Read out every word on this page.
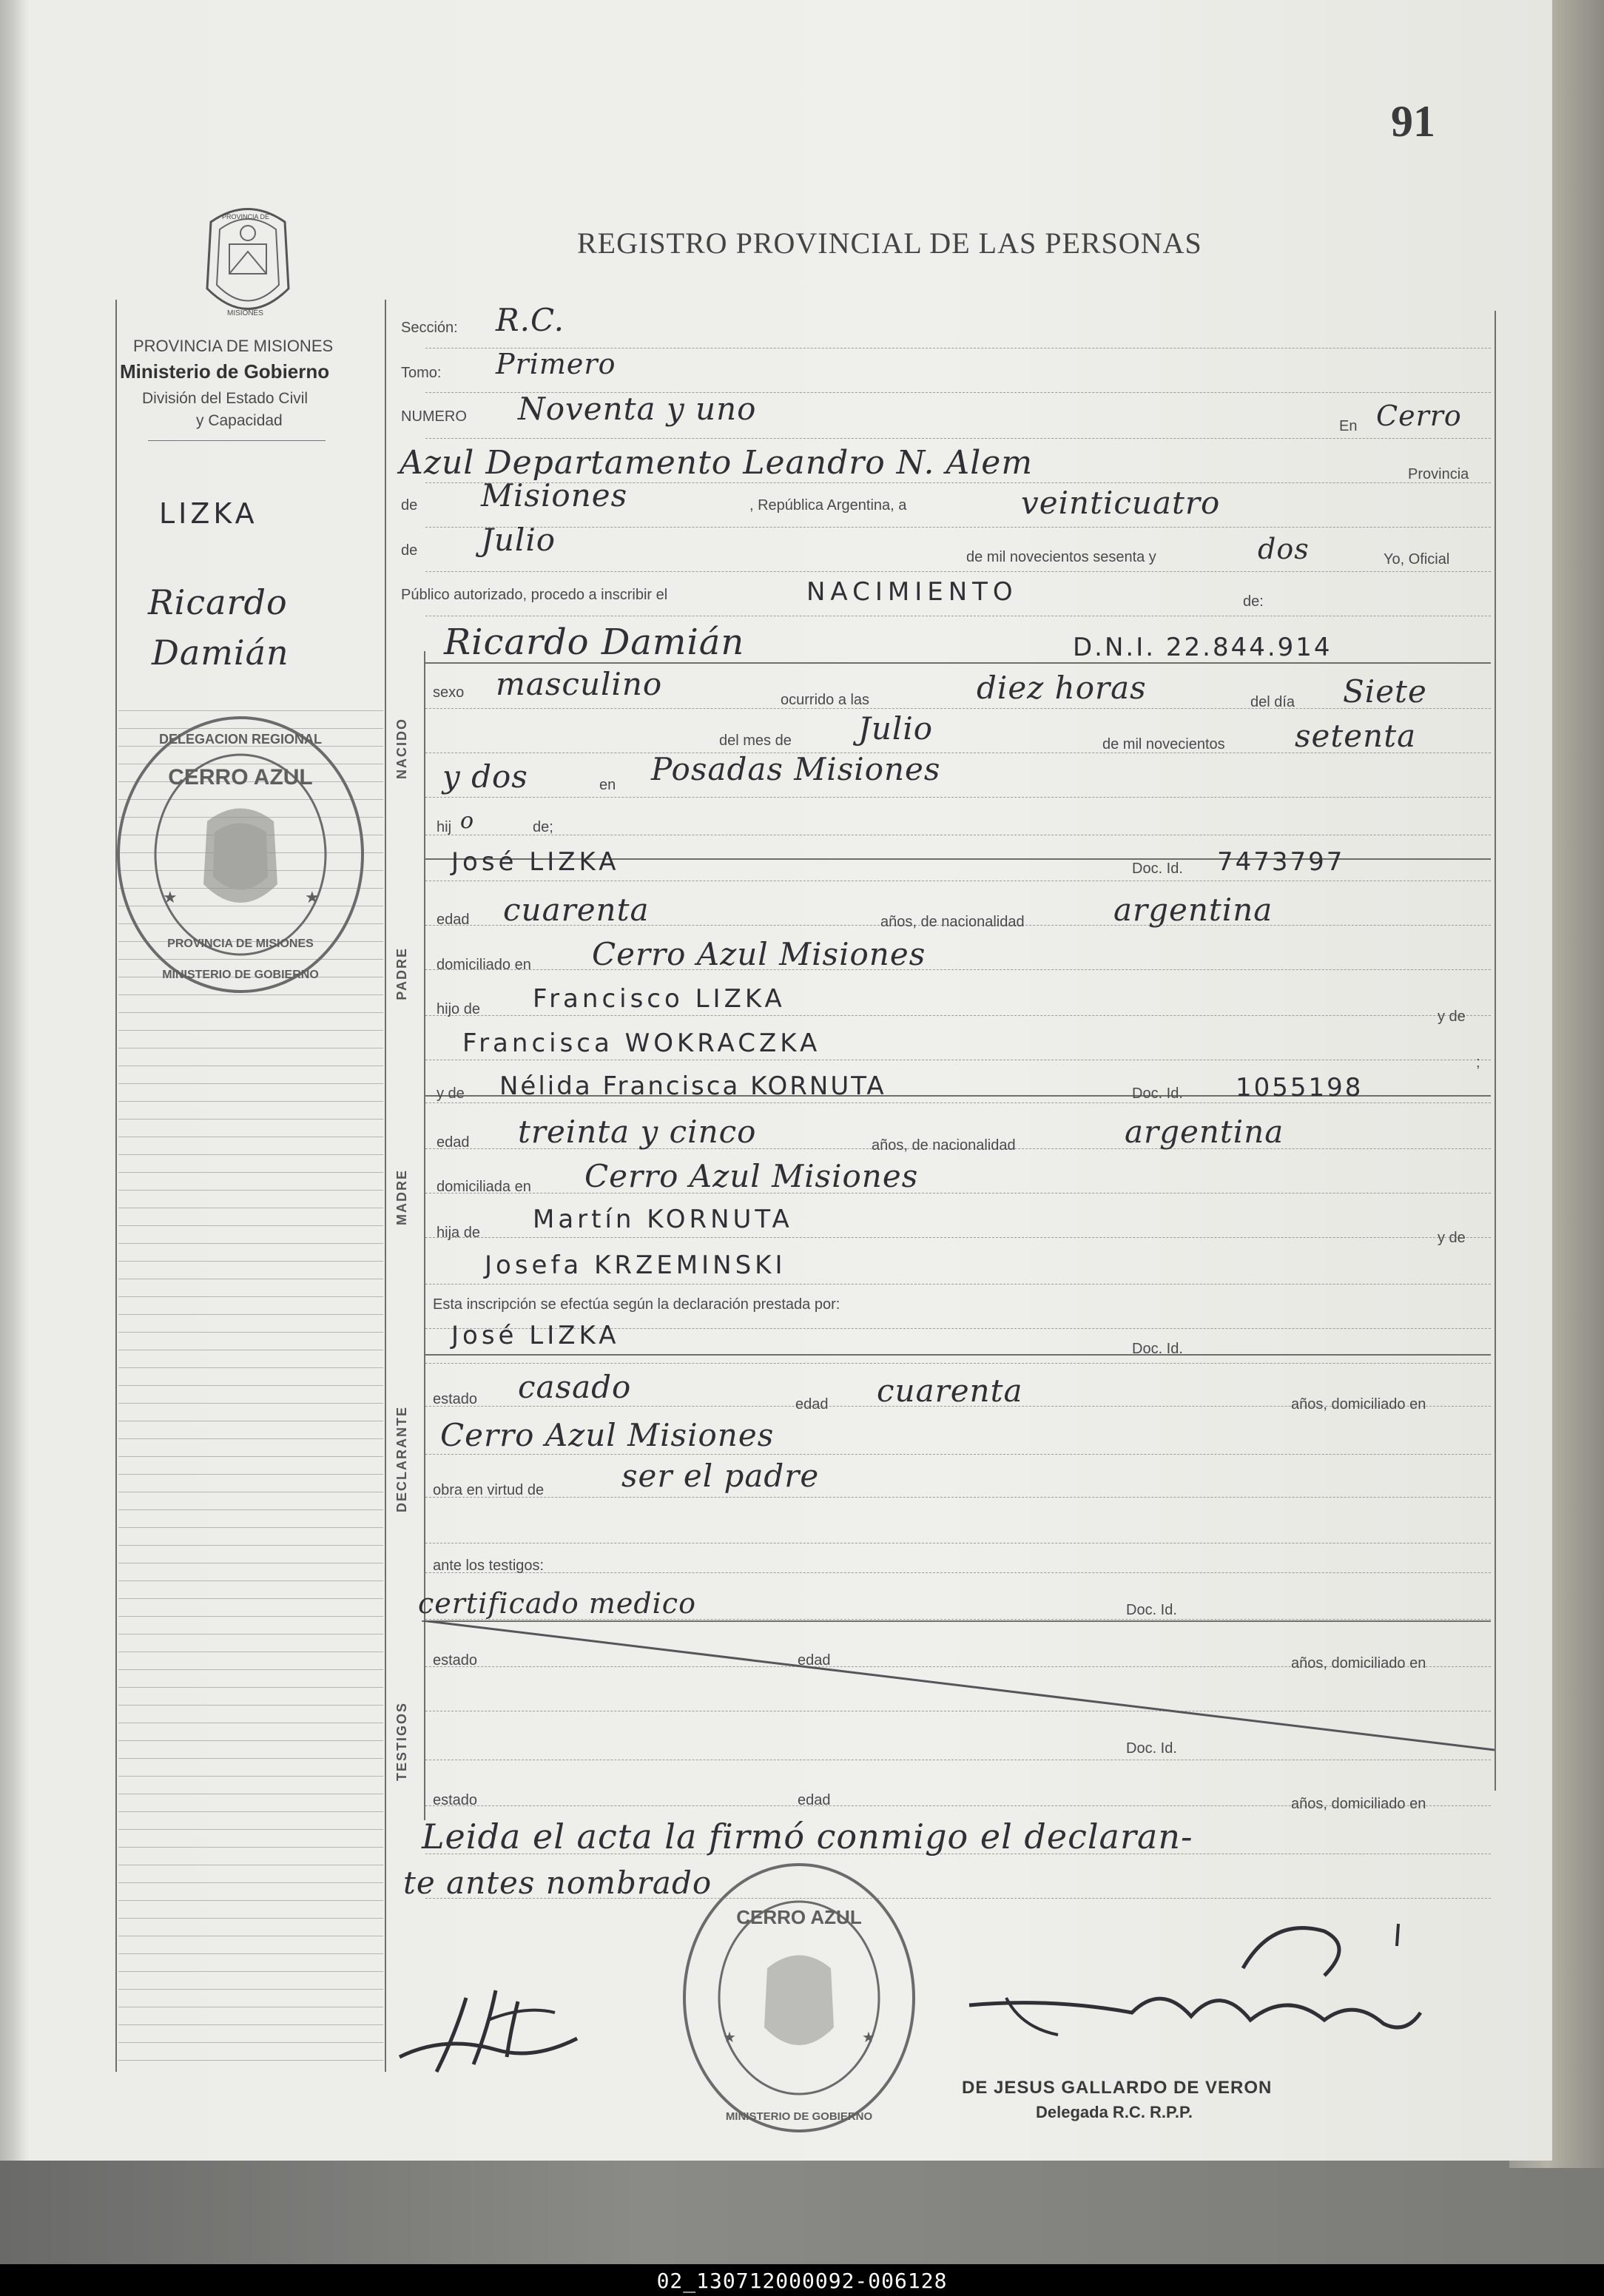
91
REGISTRO PROVINCIAL DE LAS PERSONAS
PROVINCIA DE
MISIONES
PROVINCIA DE MISIONES
Ministerio de Gobierno
División del Estado Civil
y Capacidad
LIZKA
Ricardo
Damián
DELEGACION REGIONAL
CERRO AZUL
PROVINCIA DE MISIONES
MINISTERIO DE GOBIERNO
★	★
Sección: R.C.
Tomo: Primero
NUMERO Noventa y uno	En Cerro
Azul Departamento Leandro N. Alem	Provincia
de Misiones	, República Argentina, a	veinticuatro
de Julio	de mil novecientos sesenta y	dos	Yo, Oficial
Público autorizado, procedo a inscribir el	NACIMIENTO	de:
Ricardo Damián	D.N.I. 22.844.914
NACIDO
sexo masculino	ocurrido a las	diez horas	del día Siete
del mes de Julio	de mil novecientos setenta
y dos	en Posadas Misiones
hij o	de;
José LIZKA	Doc. Id. 7473797
PADRE
edad cuarenta	años, de nacionalidad	argentina
domiciliado en Cerro Azul Misiones
hijo de Francisco LIZKA
y de
Francisca WOKRACZKA
;
y de Nélida Francisca KORNUTA	Doc. Id. 1055198
MADRE
edad treinta y cinco	años, de nacionalidad	argentina
domiciliada en Cerro Azul Misiones
hija de Martín KORNUTA
y de
Josefa KRZEMINSKI
Esta inscripción se efectúa según la declaración prestada por:
José LIZKA	Doc. Id.
DECLARANTE
estado casado	edad cuarenta	años, domiciliado en
Cerro Azul Misiones
obra en virtud de ser el padre
ante los testigos:
certificado medico	Doc. Id.
TESTIGOS
estado	edad	años, domiciliado en
Doc. Id.
estado	edad	años, domiciliado en
Leida el acta la firmó conmigo el declaran-
te antes nombrado
CERRO AZUL
MINISTERIO DE GOBIERNO
★	★
DE JESUS GALLARDO DE VERON
Delegada R.C. R.P.P.
02_130712000092-006128
